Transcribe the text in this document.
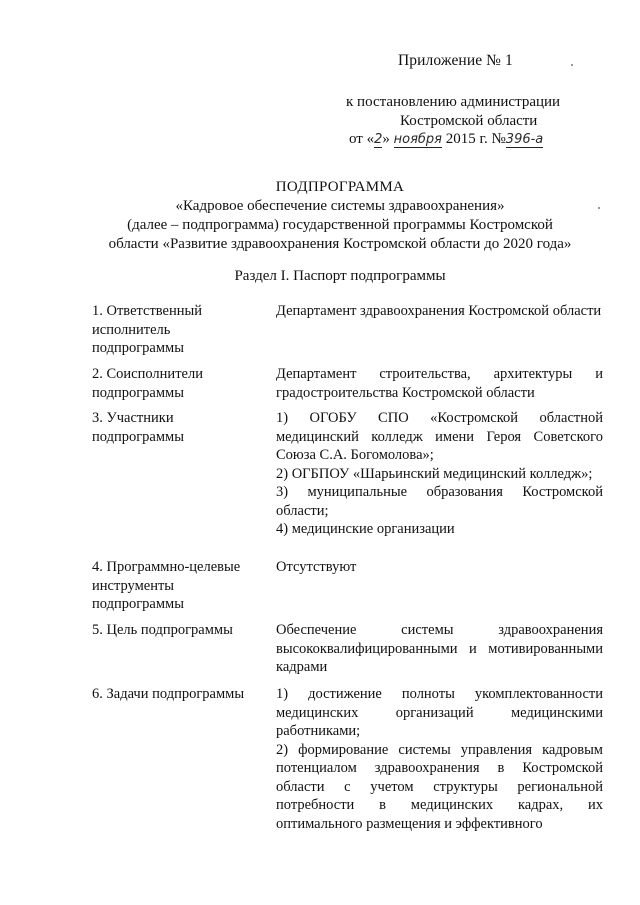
Приложение № 1
к постановлению администрации
Костромской области
от «2» ноября 2015 г. №396-а
ПОДПРОГРАММА
«Кадровое обеспечение системы здравоохранения»
(далее – подпрограмма) государственной программы Костромской
области «Развитие здравоохранения Костромской области до 2020 года»
Раздел I. Паспорт подпрограммы
1. Ответственный исполнитель подпрограммы

Департамент здравоохранения Костромской области

2. Соисполнители подпрограммы

Департамент строительства, архитектуры и градостроительства Костромской области

3. Участники подпрограммы

1) ОГОБУ СПО «Костромской областной медицинский колледж имени Героя Советского Союза С.А. Богомолова»;

2) ОГБПОУ «Шарьинский медицинский колледж»;

3) муниципальные образования Костромской области;

4) медицинские организации

4. Программно-целевые инструменты подпрограммы

Отсутствуют

5. Цель подпрограммы	Обеспечение системы здравоохранения высококвалифицированными и мотивированными кадрами

6. Задачи подпрограммы	1) достижение полноты укомплектованности медицинских организаций медицинскими работниками;

2) формирование системы управления кадровым потенциалом здравоохранения в Костромской области с учетом структуры региональной потребности в медицинских кадрах, их оптимального размещения и эффективного
